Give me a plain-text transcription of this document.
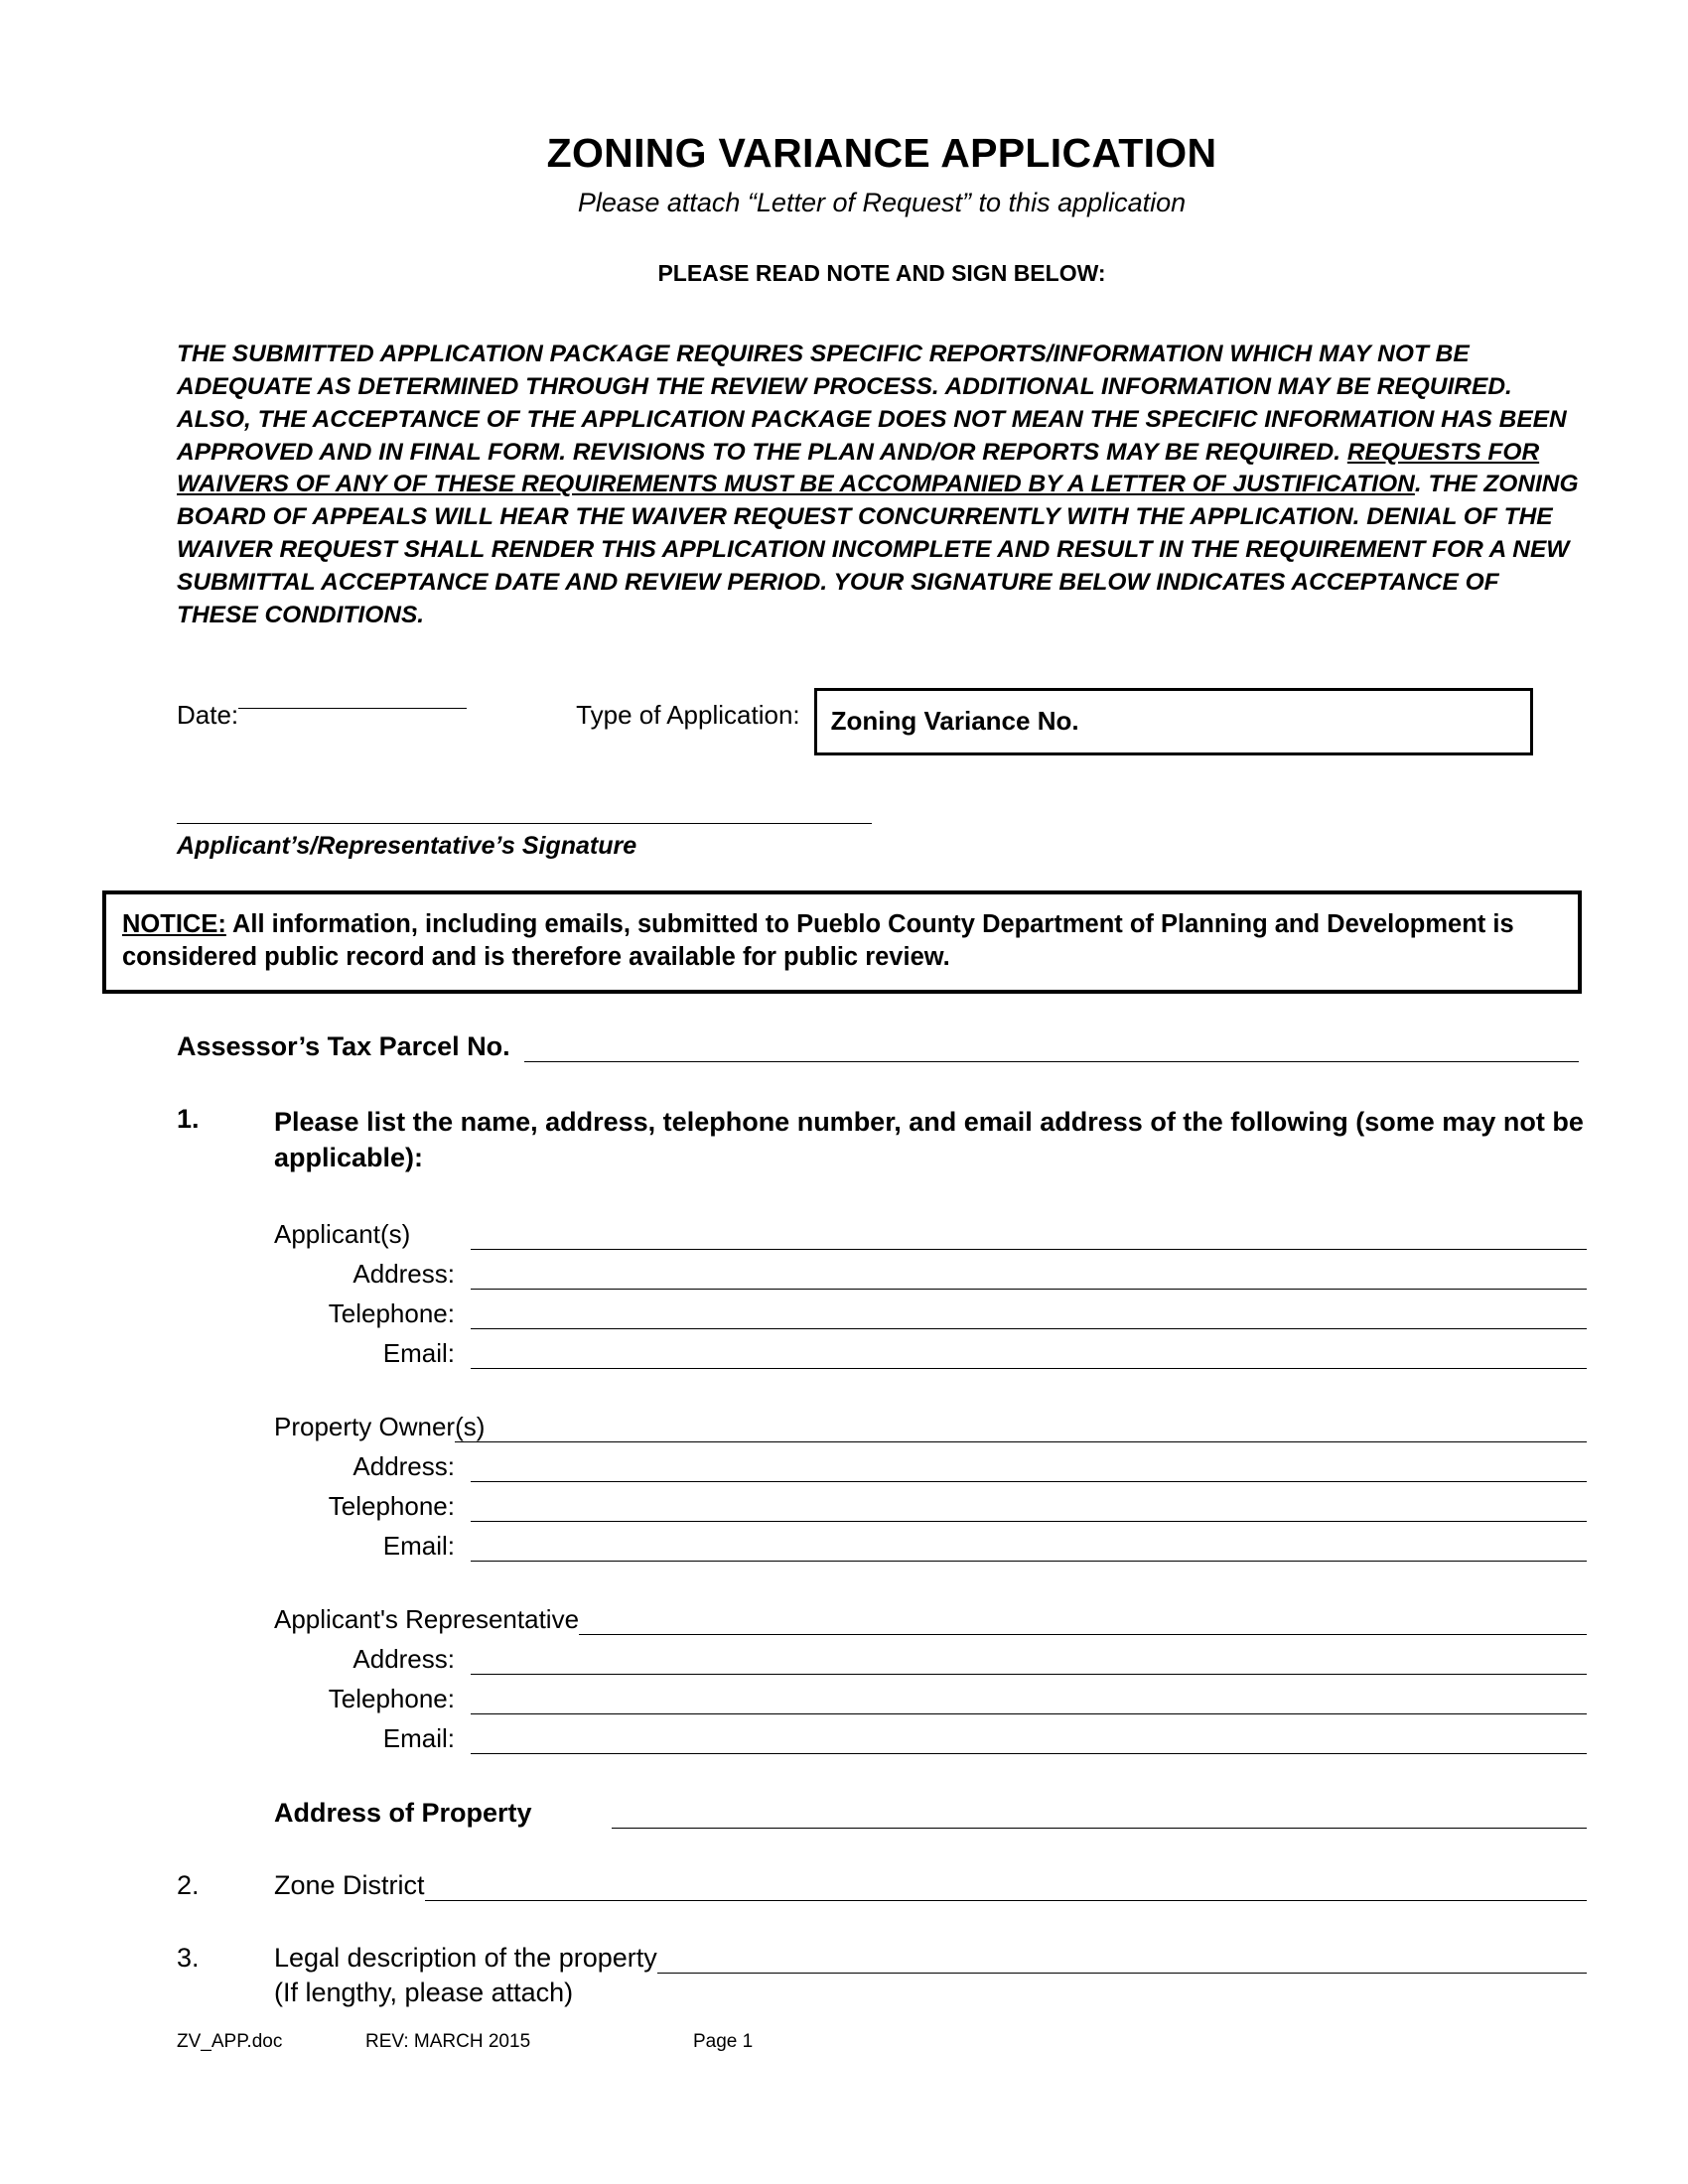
ZONING VARIANCE APPLICATION
Please attach “Letter of Request” to this application
PLEASE READ NOTE AND SIGN BELOW:
THE SUBMITTED APPLICATION PACKAGE REQUIRES SPECIFIC REPORTS/INFORMATION WHICH MAY NOT BE ADEQUATE AS DETERMINED THROUGH THE REVIEW PROCESS. ADDITIONAL INFORMATION MAY BE REQUIRED. ALSO, THE ACCEPTANCE OF THE APPLICATION PACKAGE DOES NOT MEAN THE SPECIFIC INFORMATION HAS BEEN APPROVED AND IN FINAL FORM. REVISIONS TO THE PLAN AND/OR REPORTS MAY BE REQUIRED. REQUESTS FOR WAIVERS OF ANY OF THESE REQUIREMENTS MUST BE ACCOMPANIED BY A LETTER OF JUSTIFICATION. THE ZONING BOARD OF APPEALS WILL HEAR THE WAIVER REQUEST CONCURRENTLY WITH THE APPLICATION. DENIAL OF THE WAIVER REQUEST SHALL RENDER THIS APPLICATION INCOMPLETE AND RESULT IN THE REQUIREMENT FOR A NEW SUBMITTAL ACCEPTANCE DATE AND REVIEW PERIOD. YOUR SIGNATURE BELOW INDICATES ACCEPTANCE OF THESE CONDITIONS.
Date:	Type of Application: Zoning Variance No.
Applicant’s/Representative’s Signature
NOTICE: All information, including emails, submitted to Pueblo County Department of Planning and Development is considered public record and is therefore available for public review.
Assessor’s Tax Parcel No.
1.	Please list the name, address, telephone number, and email address of the following (some may not be applicable):
Applicant(s)
Address:
Telephone:
Email:
Property Owner(s)
Address:
Telephone:
Email:
Applicant's Representative
Address:
Telephone:
Email:
Address of Property
2.	Zone District
3.	Legal description of the property
(If lengthy, please attach)
ZV_APP.doc	REV: MARCH 2015	Page 1
